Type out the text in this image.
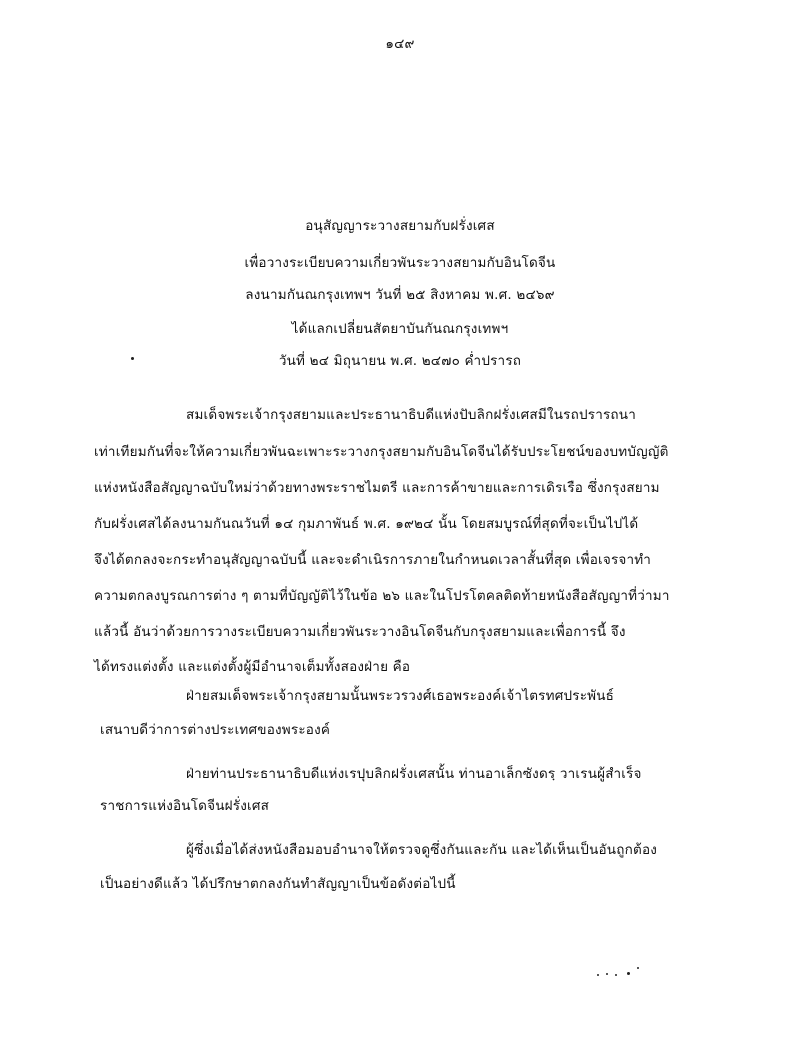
๑๔๙
อนุสัญญาระวางสยามกับฝรั่งเศส
เพื่อวางระเบียบความเกี่ยวพันระวางสยามกับอินโดจีน
ลงนามกันณกรุงเทพฯ วันที่ ๒๕ สิงหาคม พ.ศ. ๒๔๖๙
ได้แลกเปลี่ยนสัตยาบันกันณกรุงเทพฯ
วันที่ ๒๔ มิถุนายน พ.ศ. ๒๔๗๐ ค่ำปรารถ
สมเด็จพระเจ้ากรุงสยามและประธานาธิบดีแห่งปับลิกฝรั่งเศสมีในรถปรารถนา
เท่าเทียมกันที่จะให้ความเกี่ยวพันฉะเพาะระวางกรุงสยามกับอินโดจีนได้รับประโยชน์ของบทบัญญัติ
แห่งหนังสือสัญญาฉบับใหม่ว่าด้วยทางพระราชไมตรี และการค้าขายและการเดิรเรือ ซึ่งกรุงสยาม
กับฝรั่งเศสได้ลงนามกันณวันที่ ๑๔ กุมภาพันธ์ พ.ศ. ๑๙๒๔ นั้น โดยสมบูรณ์ที่สุดที่จะเป็นไปได้
จึงได้ตกลงจะกระทำอนุสัญญาฉบับนี้ และจะดำเนิรการภายในกำหนดเวลาสั้นที่สุด เพื่อเจรจาทำ
ความตกลงบูรณการต่าง ๆ ตามที่บัญญัติไว้ในข้อ ๒๖ และในโปรโตคลติดท้ายหนังสือสัญญาที่ว่ามา
แล้วนี้ อันว่าด้วยการวางระเบียบความเกี่ยวพันระวางอินโดจีนกับกรุงสยามและเพื่อการนี้ จึง
ได้ทรงแต่งตั้ง และแต่งตั้งผู้มีอำนาจเต็มทั้งสองฝ่าย คือ
ฝ่ายสมเด็จพระเจ้ากรุงสยามนั้นพระวรวงศ์เธอพระองค์เจ้าไตรทศประพันธ์
เสนาบดีว่าการต่างประเทศของพระองค์
ฝ่ายท่านประธานาธิบดีแห่งเรปุบลิกฝรั่งเศสนั้น ท่านอาเล็กซังดรฺ วาเรนผู้สำเร็จ
ราชการแห่งอินโดจีนฝรั่งเศส
ผู้ซึ่งเมื่อได้ส่งหนังสือมอบอำนาจให้ตรวจดูซึ่งกันและกัน และได้เห็นเป็นอันถูกต้อง
เป็นอย่างดีแล้ว ได้ปรึกษาตกลงกันทำสัญญาเป็นข้อดังต่อไปนี้
